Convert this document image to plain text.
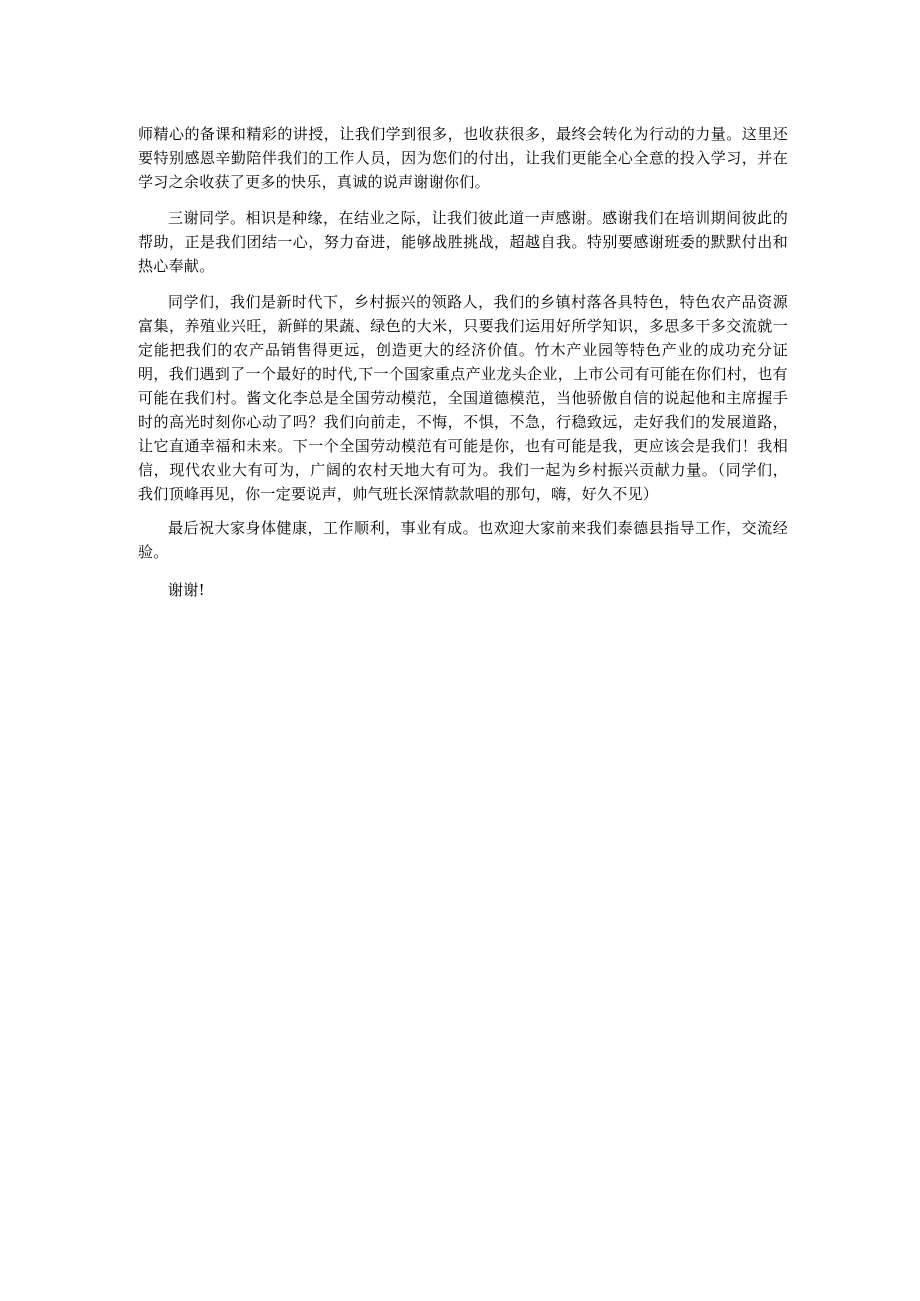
师精心的备课和精彩的讲授，让我们学到很多，也收获很多，最终会转化为行动的力量。这里还要特别感恩辛勤陪伴我们的工作人员，因为您们的付出，让我们更能全心全意的投入学习，并在学习之余收获了更多的快乐，真诚的说声谢谢你们。

三谢同学。相识是种缘，在结业之际，让我们彼此道一声感谢。感谢我们在培训期间彼此的帮助，正是我们团结一心，努力奋进，能够战胜挑战，超越自我。特别要感谢班委的默默付出和热心奉献。

同学们，我们是新时代下，乡村振兴的领路人，我们的乡镇村落各具特色，特色农产品资源富集，养殖业兴旺，新鲜的果蔬、绿色的大米，只要我们运用好所学知识，多思多干多交流就一定能把我们的农产品销售得更远，创造更大的经济价值。竹木产业园等特色产业的成功充分证明，我们遇到了一个最好的时代,下一个国家重点产业龙头企业，上市公司有可能在你们村，也有可能在我们村。酱文化李总是全国劳动模范，全国道德模范，当他骄傲自信的说起他和主席握手时的高光时刻你心动了吗？我们向前走，不悔，不惧，不急，行稳致远，走好我们的发展道路，让它直通幸福和未来。下一个全国劳动模范有可能是你，也有可能是我，更应该会是我们！我相信，现代农业大有可为，广阔的农村天地大有可为。我们一起为乡村振兴贡献力量。（同学们，我们顶峰再见，你一定要说声，帅气班长深情款款唱的那句，嗨，好久不见）

最后祝大家身体健康，工作顺利，事业有成。也欢迎大家前来我们泰德县指导工作，交流经验。

谢谢!
